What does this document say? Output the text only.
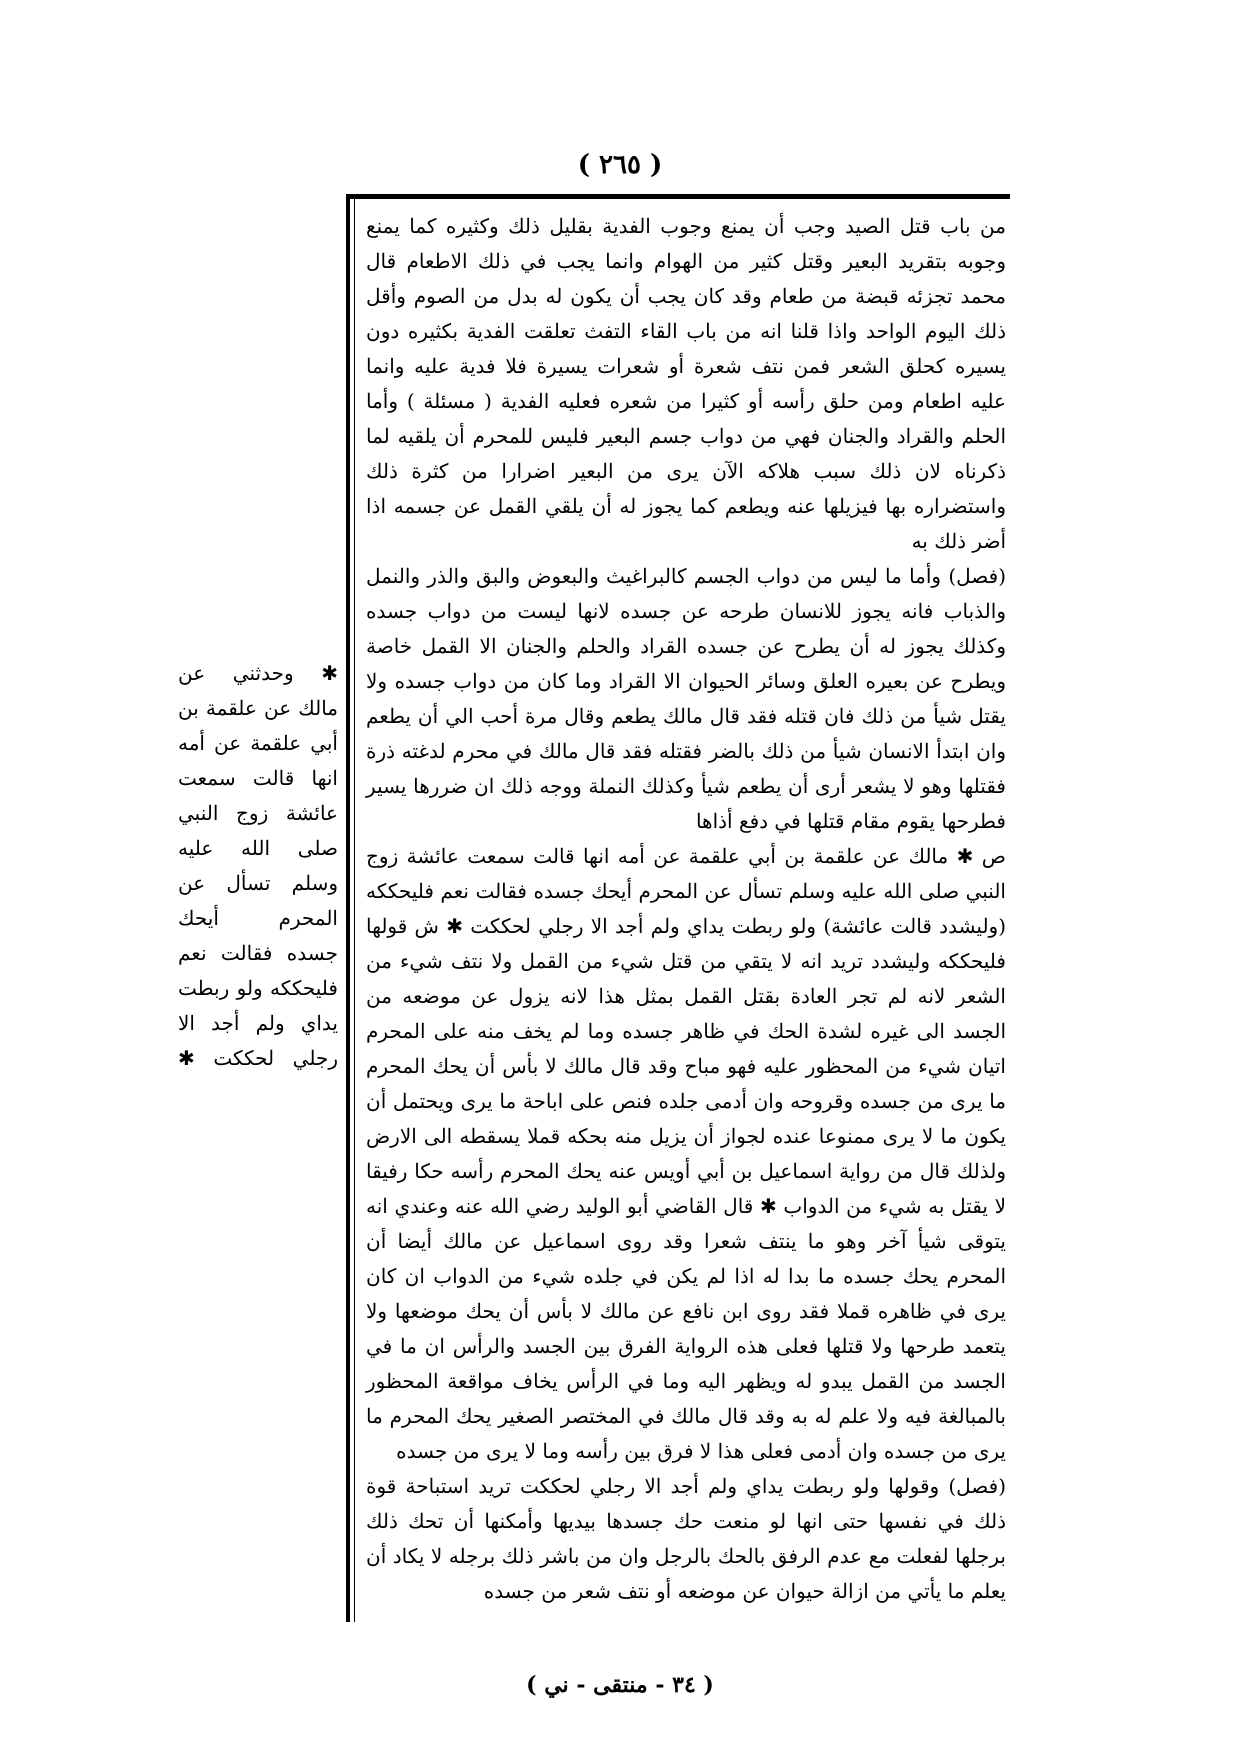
( ٢٦٥ )
✱ وحدثني عن مالك عن علقمة بن أبي علقمة عن أمه انها قالت سمعت عائشة زوج النبي صلى الله عليه وسلم تسأل عن المحرم أيحك جسده فقالت نعم فليحككه ولو ربطت يداي ولم أجد الا رجلي لحككت ✱

من باب قتل الصيد وجب أن يمنع وجوب الفدية بقليل ذلك وكثيره كما يمنع وجوبه بتقريد البعير وقتل كثير من الهوام وانما يجب في ذلك الاطعام قال محمد تجزئه قبضة من طعام وقد كان يجب أن يكون له بدل من الصوم وأقل ذلك اليوم الواحد واذا قلنا انه من باب القاء التفث تعلقت الفدية بكثيره دون يسيره كحلق الشعر فمن نتف شعرة أو شعرات يسيرة فلا فدية عليه وانما عليه اطعام ومن حلق رأسه أو كثيرا من شعره فعليه الفدية ( مسئلة ) وأما الحلم والقراد والجنان فهي من دواب جسم البعير فليس للمحرم أن يلقيه لما ذكرناه لان ذلك سبب هلاكه الآن يرى من البعير اضرارا من كثرة ذلك واستضراره بها فيزيلها عنه ويطعم كما يجوز له أن يلقي القمل عن جسمه اذا أضر ذلك به

(فصل) وأما ما ليس من دواب الجسم كالبراغيث والبعوض والبق والذر والنمل والذباب فانه يجوز للانسان طرحه عن جسده لانها ليست من دواب جسده وكذلك يجوز له أن يطرح عن جسده القراد والحلم والجنان الا القمل خاصة ويطرح عن بعيره العلق وسائر الحيوان الا القراد وما كان من دواب جسده ولا يقتل شيأ من ذلك فان قتله فقد قال مالك يطعم وقال مرة أحب الي أن يطعم وان ابتدأ الانسان شيأ من ذلك بالضر فقتله فقد قال مالك في محرم لدغته ذرة فقتلها وهو لا يشعر أرى أن يطعم شيأ وكذلك النملة ووجه ذلك ان ضررها يسير فطرحها يقوم مقام قتلها في دفع أذاها

ص ✱ مالك عن علقمة بن أبي علقمة عن أمه انها قالت سمعت عائشة زوج النبي صلى الله عليه وسلم تسأل عن المحرم أيحك جسده فقالت نعم فليحككه (وليشدد قالت عائشة) ولو ربطت يداي ولم أجد الا رجلي لحككت ✱ ش قولها فليحككه وليشدد تريد انه لا يتقي من قتل شيء من القمل ولا نتف شيء من الشعر لانه لم تجر العادة بقتل القمل بمثل هذا لانه يزول عن موضعه من الجسد الى غيره لشدة الحك في ظاهر جسده وما لم يخف منه على المحرم اتيان شيء من المحظور عليه فهو مباح وقد قال مالك لا بأس أن يحك المحرم ما يرى من جسده وقروحه وان أدمى جلده فنص على اباحة ما يرى ويحتمل أن يكون ما لا يرى ممنوعا عنده لجواز أن يزيل منه بحكه قملا يسقطه الى الارض ولذلك قال من رواية اسماعيل بن أبي أويس عنه يحك المحرم رأسه حكا رفيقا لا يقتل به شيء من الدواب ✱ قال القاضي أبو الوليد رضي الله عنه وعندي انه يتوقى شيأ آخر وهو ما ينتف شعرا وقد روى اسماعيل عن مالك أيضا أن المحرم يحك جسده ما بدا له اذا لم يكن في جلده شيء من الدواب ان كان يرى في ظاهره قملا فقد روى ابن نافع عن مالك لا بأس أن يحك موضعها ولا يتعمد طرحها ولا قتلها فعلى هذه الرواية الفرق بين الجسد والرأس ان ما في الجسد من القمل يبدو له ويظهر اليه وما في الرأس يخاف مواقعة المحظور بالمبالغة فيه ولا علم له به وقد قال مالك في المختصر الصغير يحك المحرم ما يرى من جسده وان أدمى فعلى هذا لا فرق بين رأسه وما لا يرى من جسده

(فصل) وقولها ولو ربطت يداي ولم أجد الا رجلي لحككت تريد استباحة قوة ذلك في نفسها حتى انها لو منعت حك جسدها بيديها وأمكنها أن تحك ذلك برجلها لفعلت مع عدم الرفق بالحك بالرجل وان من باشر ذلك برجله لا يكاد أن يعلم ما يأتي من ازالة حيوان عن موضعه أو نتف شعر من جسده

( ٣٤ - منتقى - ني )
